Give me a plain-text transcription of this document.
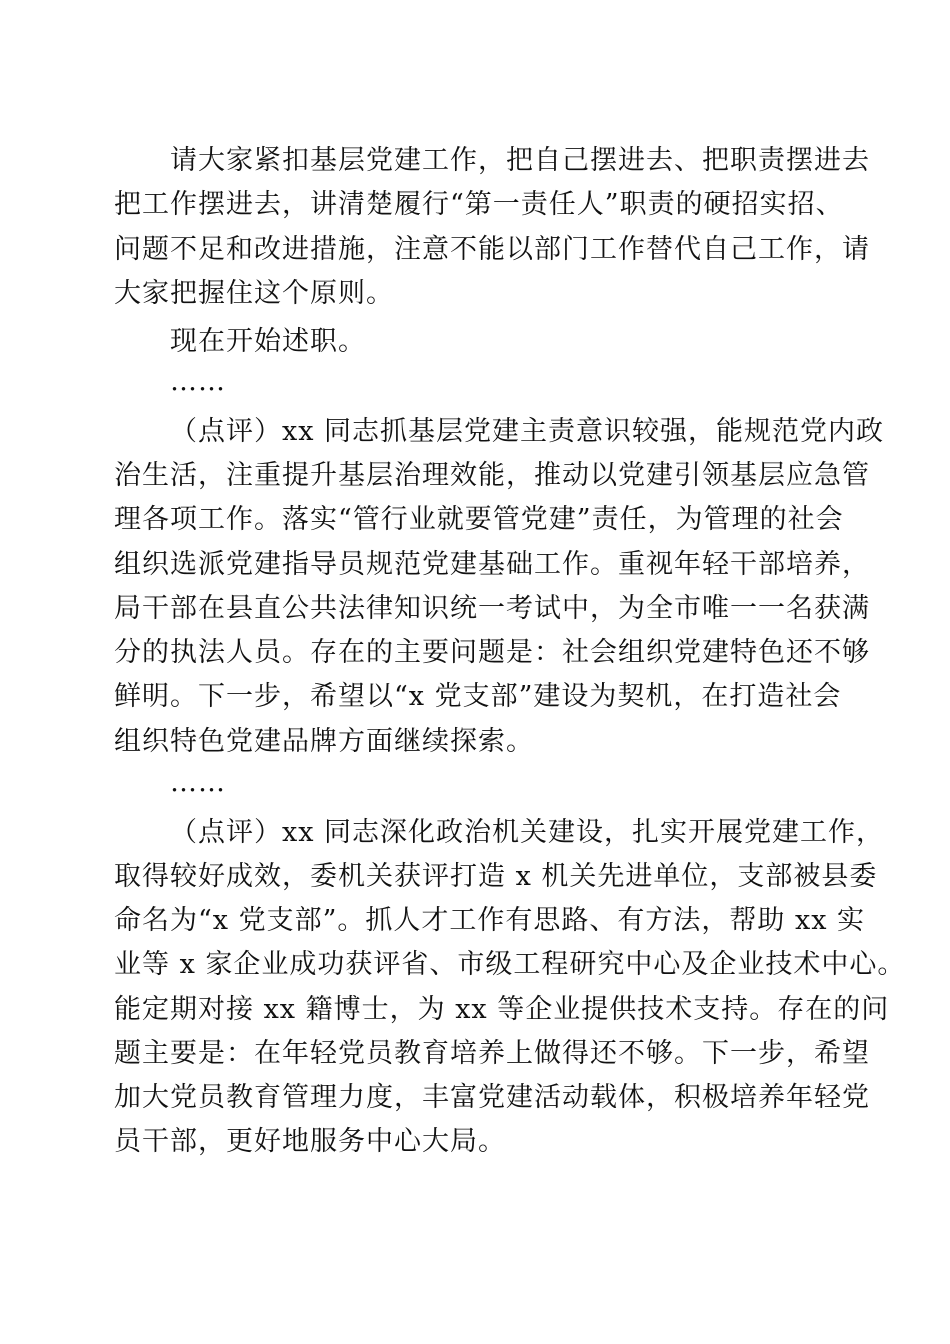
请大家紧扣基层党建工作，把自己摆进去、把职责摆进去
把工作摆进去，讲清楚履行“第一责任人”职责的硬招实招、
问题不足和改进措施，注意不能以部门工作替代自己工作，请
大家把握住这个原则。
现在开始述职。
……
（点评）xx 同志抓基层党建主责意识较强，能规范党内政
治生活，注重提升基层治理效能，推动以党建引领基层应急管
理各项工作。落实“管行业就要管党建”责任，为管理的社会
组织选派党建指导员规范党建基础工作。重视年轻干部培养，
局干部在县直公共法律知识统一考试中，为全市唯一一名获满
分的执法人员。存在的主要问题是：社会组织党建特色还不够
鲜明。下一步，希望以“x 党支部”建设为契机，在打造社会
组织特色党建品牌方面继续探索。
……
（点评）xx 同志深化政治机关建设，扎实开展党建工作，
取得较好成效，委机关获评打造 x 机关先进单位，支部被县委
命名为“x 党支部”。抓人才工作有思路、有方法，帮助 xx 实
业等 x 家企业成功获评省、市级工程研究中心及企业技术中心。
能定期对接 xx 籍博士，为 xx 等企业提供技术支持。存在的问
题主要是：在年轻党员教育培养上做得还不够。下一步，希望
加大党员教育管理力度，丰富党建活动载体，积极培养年轻党
员干部，更好地服务中心大局。
